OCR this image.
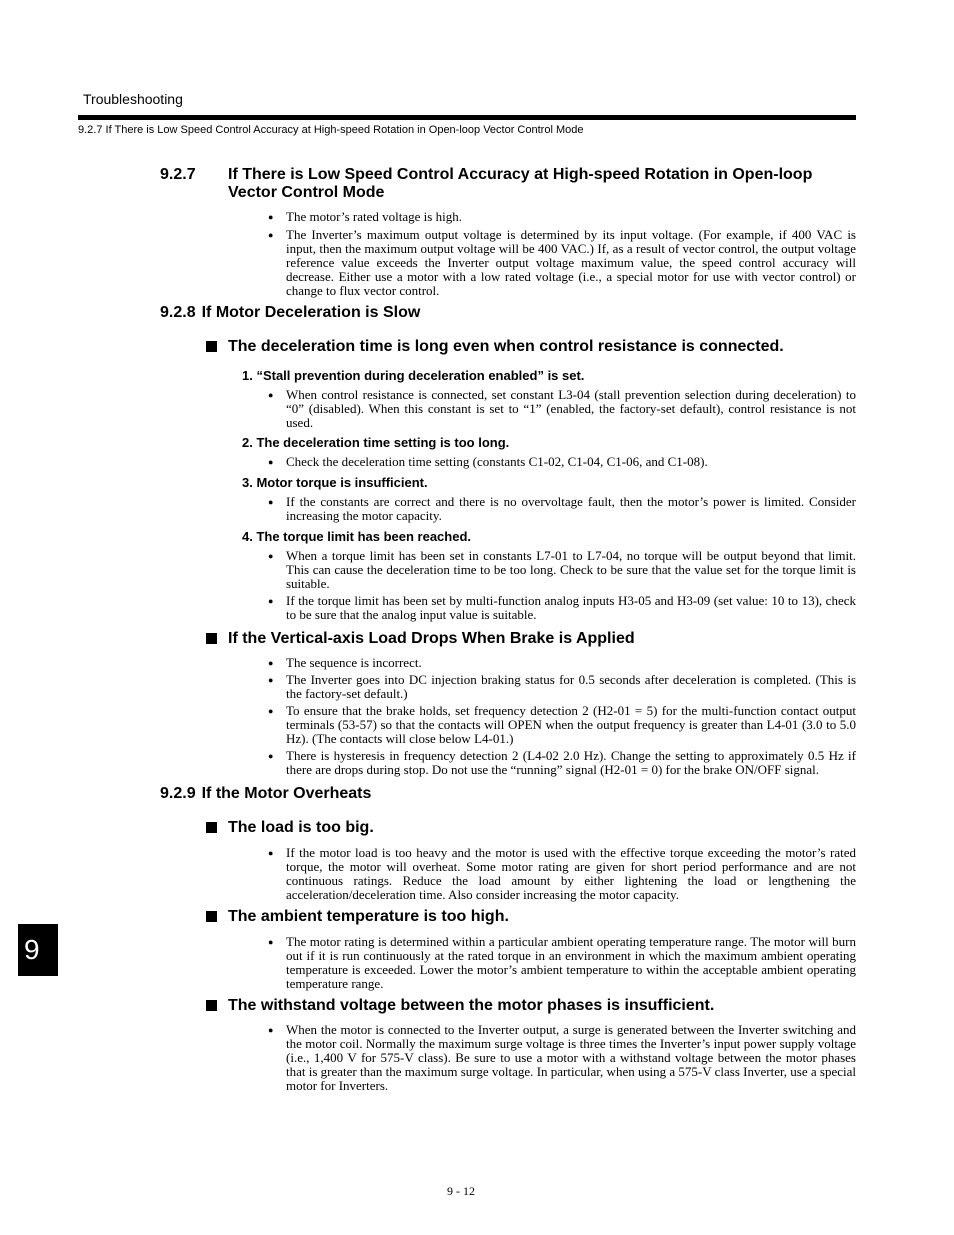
Troubleshooting
9.2.7 If There is Low Speed Control Accuracy at High-speed Rotation in Open-loop Vector Control Mode
9.2.7 If There is Low Speed Control Accuracy at High-speed Rotation in Open-loop Vector Control Mode
● The motor’s rated voltage is high.
● The Inverter’s maximum output voltage is determined by its input voltage. (For example, if 400 VAC is input, then the maximum output voltage will be 400 VAC.) If, as a result of vector control, the output voltage reference value exceeds the Inverter output voltage maximum value, the speed control accuracy will decrease. Either use a motor with a low rated voltage (i.e., a special motor for use with vector control) or change to flux vector control.
9.2.8 If Motor Deceleration is Slow
The deceleration time is long even when control resistance is connected.
1. “Stall prevention during deceleration enabled” is set.
● When control resistance is connected, set constant L3-04 (stall prevention selection during deceleration) to “0” (disabled). When this constant is set to “1” (enabled, the factory-set default), control resistance is not used.
2. The deceleration time setting is too long.
● Check the deceleration time setting (constants C1-02, C1-04, C1-06, and C1-08).
3. Motor torque is insufficient.
● If the constants are correct and there is no overvoltage fault, then the motor’s power is limited. Consider increasing the motor capacity.
4. The torque limit has been reached.
● When a torque limit has been set in constants L7-01 to L7-04, no torque will be output beyond that limit. This can cause the deceleration time to be too long. Check to be sure that the value set for the torque limit is suitable.
● If the torque limit has been set by multi-function analog inputs H3-05 and H3-09 (set value: 10 to 13), check to be sure that the analog input value is suitable.
If the Vertical-axis Load Drops When Brake is Applied
● The sequence is incorrect.
● The Inverter goes into DC injection braking status for 0.5 seconds after deceleration is completed. (This is the factory-set default.)
● To ensure that the brake holds, set frequency detection 2 (H2-01 = 5) for the multi-function contact output terminals (53-57) so that the contacts will OPEN when the output frequency is greater than L4-01 (3.0 to 5.0 Hz). (The contacts will close below L4-01.)
● There is hysteresis in frequency detection 2 (L4-02 2.0 Hz). Change the setting to approximately 0.5 Hz if there are drops during stop. Do not use the “running” signal (H2-01 = 0) for the brake ON/OFF signal.
9.2.9 If the Motor Overheats
The load is too big.
● If the motor load is too heavy and the motor is used with the effective torque exceeding the motor’s rated torque, the motor will overheat. Some motor rating are given for short period performance and are not continuous ratings. Reduce the load amount by either lightening the load or lengthening the acceleration/deceleration time. Also consider increasing the motor capacity.
The ambient temperature is too high.
● The motor rating is determined within a particular ambient operating temperature range. The motor will burn out if it is run continuously at the rated torque in an environment in which the maximum ambient operating temperature is exceeded. Lower the motor’s ambient temperature to within the acceptable ambient operating temperature range.
The withstand voltage between the motor phases is insufficient.
● When the motor is connected to the Inverter output, a surge is generated between the Inverter switching and the motor coil. Normally the maximum surge voltage is three times the Inverter’s input power supply voltage (i.e., 1,400 V for 575-V class). Be sure to use a motor with a withstand voltage between the motor phases that is greater than the maximum surge voltage. In particular, when using a 575-V class Inverter, use a special motor for Inverters.
9
9 - 12
